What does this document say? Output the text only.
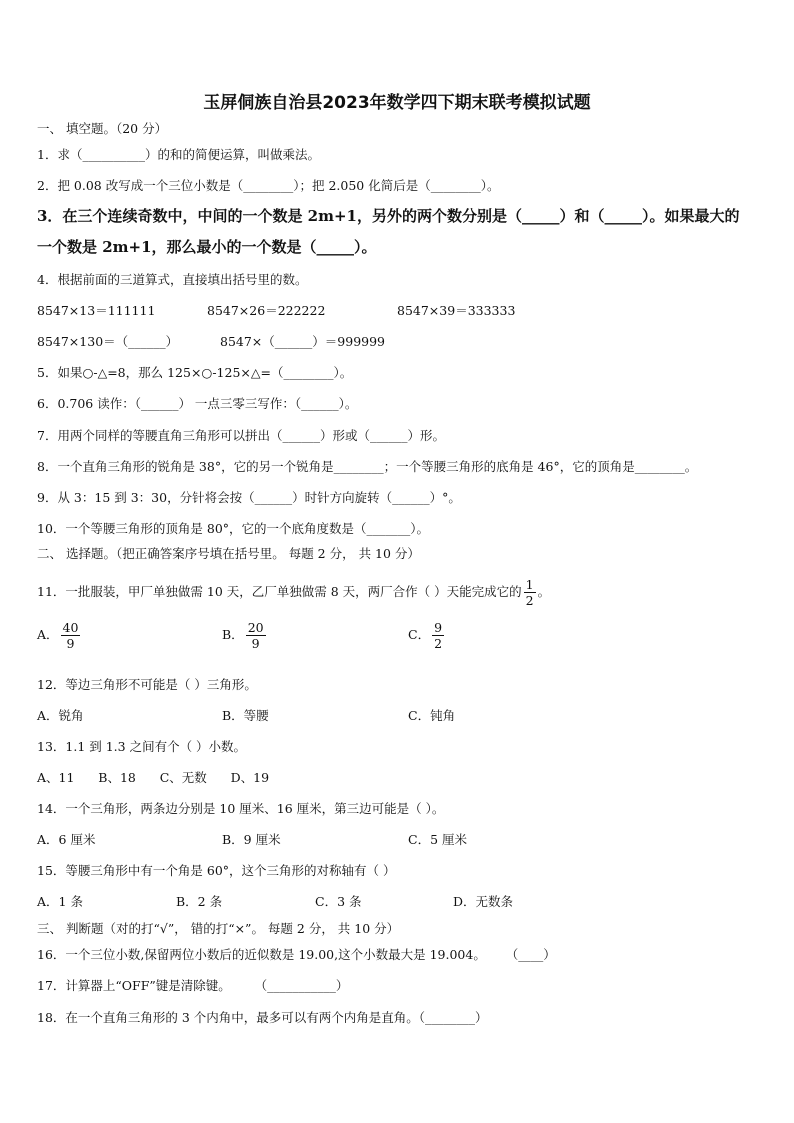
玉屏侗族自治县2023年数学四下期末联考模拟试题
一、 填空题。（20 分）
1．求（__________）的和的简便运算，叫做乘法。
2．把 0.08 改写成一个三位小数是（________）；把 2.050 化简后是（________）。
3．在三个连续奇数中，中间的一个数是 2m+1，另外的两个数分别是（_____）和（_____）。如果最大的
一个数是 2m+1，那么最小的一个数是（_____）。
4．根据前面的三道算式，直接填出括号里的数。
8547×13＝111111	8547×26＝222222	8547×39＝333333
8547×130＝（______）	8547×（______）＝999999
5．如果○-△=8，那么 125×○-125×△=（________）。
6．0.706 读作：（______） 一点三零三写作：（______）。
7．用两个同样的等腰直角三角形可以拼出（______）形或（______）形。
8．一个直角三角形的锐角是 38°，它的另一个锐角是________；一个等腰三角形的底角是 46°，它的顶角是________。
9．从 3：15 到 3：30，分针将会按（______）时针方向旋转（______）°。
10．一个等腰三角形的顶角是 80°，它的一个底角度数是（_______）。
二、 选择题。（把正确答案序号填在括号里。 每题 2 分， 共 10 分）
11．一批服装，甲厂单独做需 10 天，乙厂单独做需 8 天，两厂合作（ ）天能完成它的 $\frac{1}{2}$ 。
A． $\frac{40}{9}$	B． $\frac{20}{9}$	C． $\frac{9}{2}$
12．等边三角形不可能是（ ）三角形。
A．锐角	B．等腰	C．钝角
13．1.1 到 1.3 之间有个（ ）小数。
A、11      B、18      C、无数      D、19
14．一个三角形，两条边分别是 10 厘米、16 厘米，第三边可能是（ ）。
A．6 厘米	B．9 厘米	C．5 厘米
15．等腰三角形中有一个角是 60°，这个三角形的对称轴有（ ）
A．1 条	B．2 条	C．3 条	D．无数条
三、 判断题（对的打“√”， 错的打“×”。 每题 2 分， 共 10 分）
16．一个三位小数,保留两位小数后的近似数是 19.00,这个小数最大是 19.004。     （____）
17．计算器上“OFF”键是清除键。      （___________）
18．在一个直角三角形的 3 个内角中，最多可以有两个内角是直角。（________）
